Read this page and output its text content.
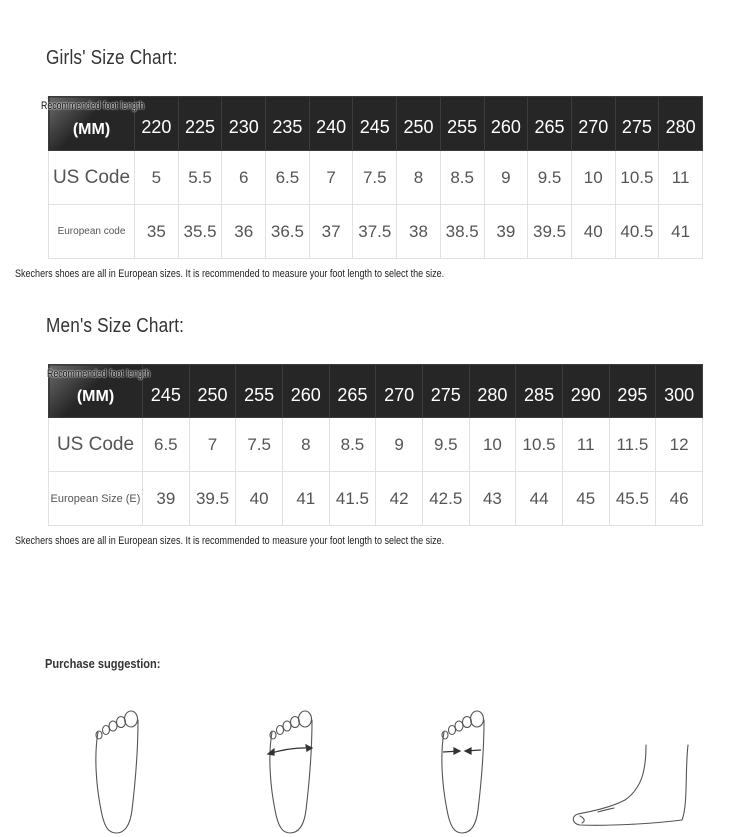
Girls' Size Chart:
Recommended foot length
(MM)	220	225	230	235	240	245	250	255	260	265	270	275	280
US Code	5	5.5	6	6.5	7	7.5	8	8.5	9	9.5	10	10.5	11
European code	35	35.5	36	36.5	37	37.5	38	38.5	39	39.5	40	40.5	41

Skechers shoes are all in European sizes. It is recommended to measure your foot length to select the size.

Men's Size Chart:
Recommended foot length
(MM)	245	250	255	260	265	270	275	280	285	290	295	300
US Code	6.5	7	7.5	8	8.5	9	9.5	10	10.5	11	11.5	12
European Size (E)	39	39.5	40	41	41.5	42	42.5	43	44	45	45.5	46

Skechers shoes are all in European sizes. It is recommended to measure your foot length to select the size.

Purchase suggestion:
